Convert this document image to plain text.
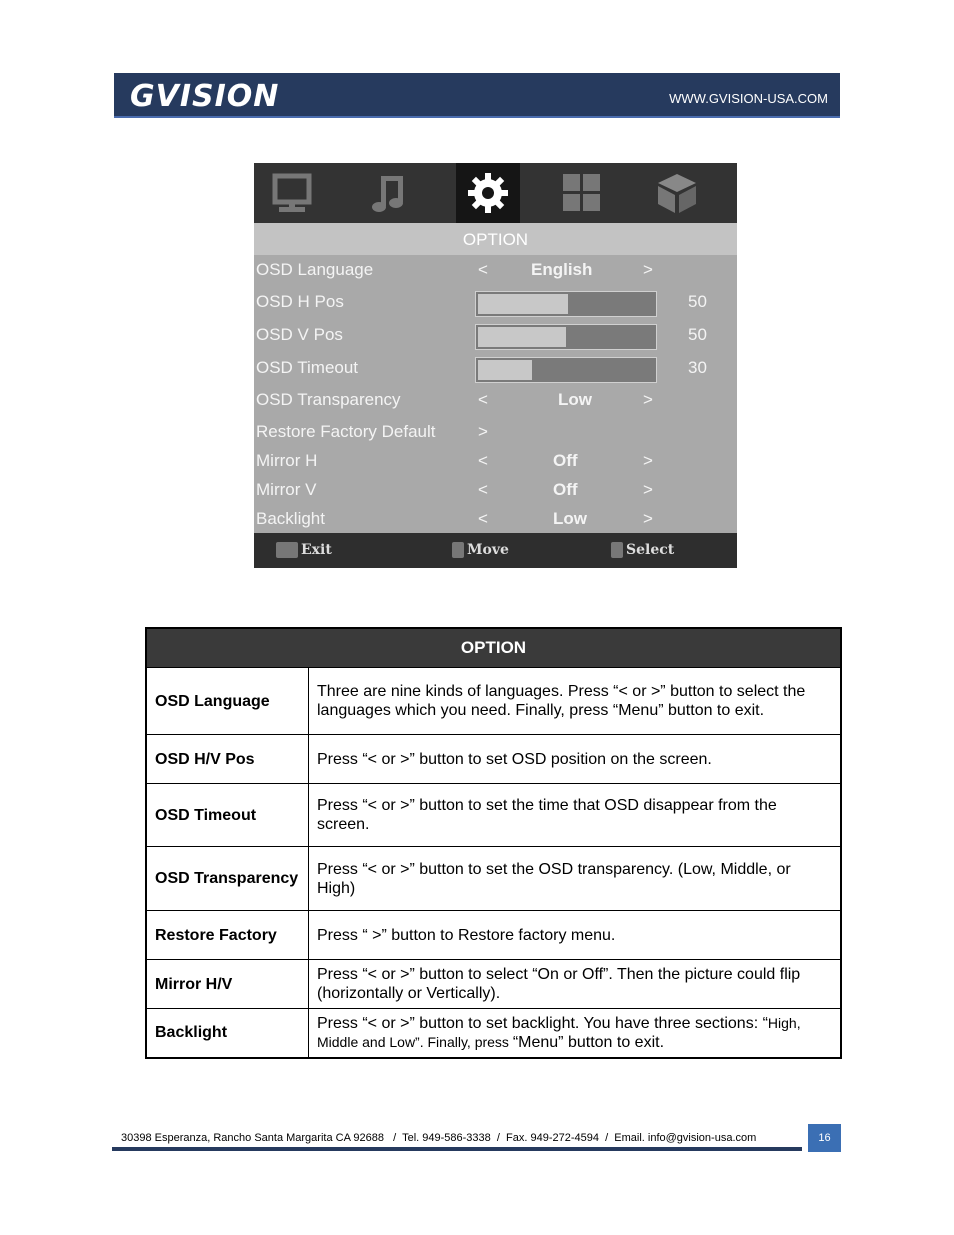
GVISION	WWW.GVISION-USA.COM
OPTION
OSD Language	<	English	>
OSD H Pos	50
OSD V Pos	50
OSD Timeout	30
OSD Transparency	<	Low	>
Restore Factory Default >
Mirror H	<	Off	>
Mirror V	<	Off	>
Backlight	<	Low	>
Exit	Move	Select
OPTION	
OSD Language	Three are nine kinds of languages. Press “< or >” button to select the languages which you need. Finally, press “Menu” button to exit.
OSD H/V Pos	Press “< or >” button to set OSD position on the screen.
OSD Timeout	Press “< or >” button to set the time that OSD disappear from the screen.
OSD Transparency	Press “< or >” button to set the OSD transparency. (Low, Middle, or High)
Restore Factory	Press “ >” button to Restore factory menu.
Mirror H/V	Press “< or >” button to select “On or Off”. Then the picture could flip (horizontally or Vertically).
Backlight	Press “< or >” button to set backlight. You have three sections: “High, Middle and Low”. Finally, press “Menu” button to exit.
30398 Esperanza, Rancho Santa Margarita CA 92688   /  Tel. 949-586-3338  /  Fax. 949-272-4594  /  Email. info@gvision-usa.com	16
